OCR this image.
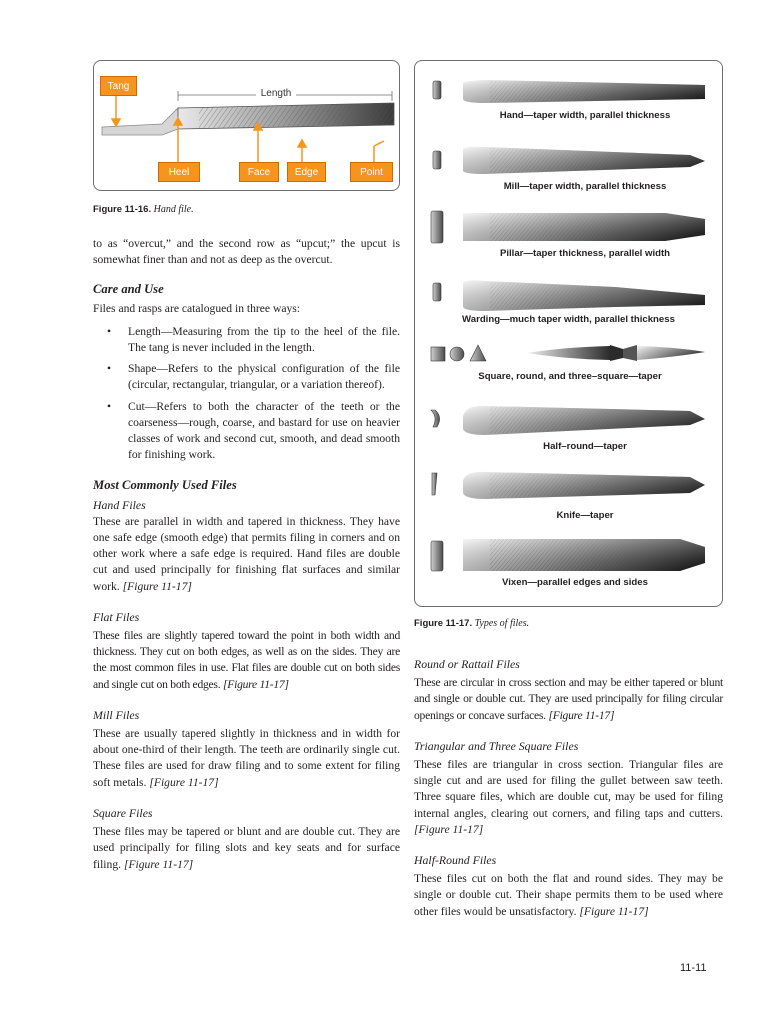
Length
Tang
Heel	Face	Edge	Point
Figure 11-16. Hand file.

to as “overcut,” and the second row as “upcut;” the upcut is somewhat finer than and not as deep as the overcut.

Care and Use

Files and rasps are catalogued in three ways:

• Length—Measuring from the tip to the heel of the file. The tang is never included in the length.
• Shape—Refers to the physical configuration of the file (circular, rectangular, triangular, or a variation thereof).
• Cut—Refers to both the character of the teeth or the coarseness—rough, coarse, and bastard for use on heavier classes of work and second cut, smooth, and dead smooth for finishing work.
Most Commonly Used Files
Hand Files

These are parallel in width and tapered in thickness. They have one safe edge (smooth edge) that permits filing in corners and on other work where a safe edge is required. Hand files are double cut and used principally for finishing flat surfaces and similar work. [Figure 11-17]

Flat Files

These files are slightly tapered toward the point in both width and thickness. They cut on both edges, as well as on the sides. They are the most common files in use. Flat files are double cut on both sides and single cut on both edges. [Figure 11-17]

Mill Files

These are usually tapered slightly in thickness and in width for about one-third of their length. The teeth are ordinarily single cut. These files are used for draw filing and to some extent for filing soft metals. [Figure 11-17]

Square Files

These files may be tapered or blunt and are double cut. They are used principally for filing slots and key seats and for surface filing. [Figure 11-17]

Hand—taper width, parallel thickness
Mill—taper width, parallel thickness
Pillar—taper thickness, parallel width
Warding—much taper width, parallel thickness
Square, round, and three–square—taper
Half–round—taper
Knife—taper
Vixen—parallel edges and sides
Figure 11-17. Types of files.
Round or Rattail Files

These are circular in cross section and may be either tapered or blunt and single or double cut. They are used principally for filing circular openings or concave surfaces. [Figure 11-17]

Triangular and Three Square Files

These files are triangular in cross section. Triangular files are single cut and are used for filing the gullet between saw teeth. Three square files, which are double cut, may be used for filing internal angles, clearing out corners, and filing taps and cutters. [Figure 11-17]

Half-Round Files

These files cut on both the flat and round sides. They may be single or double cut. Their shape permits them to be used where other files would be unsatisfactory. [Figure 11-17]

11-11
